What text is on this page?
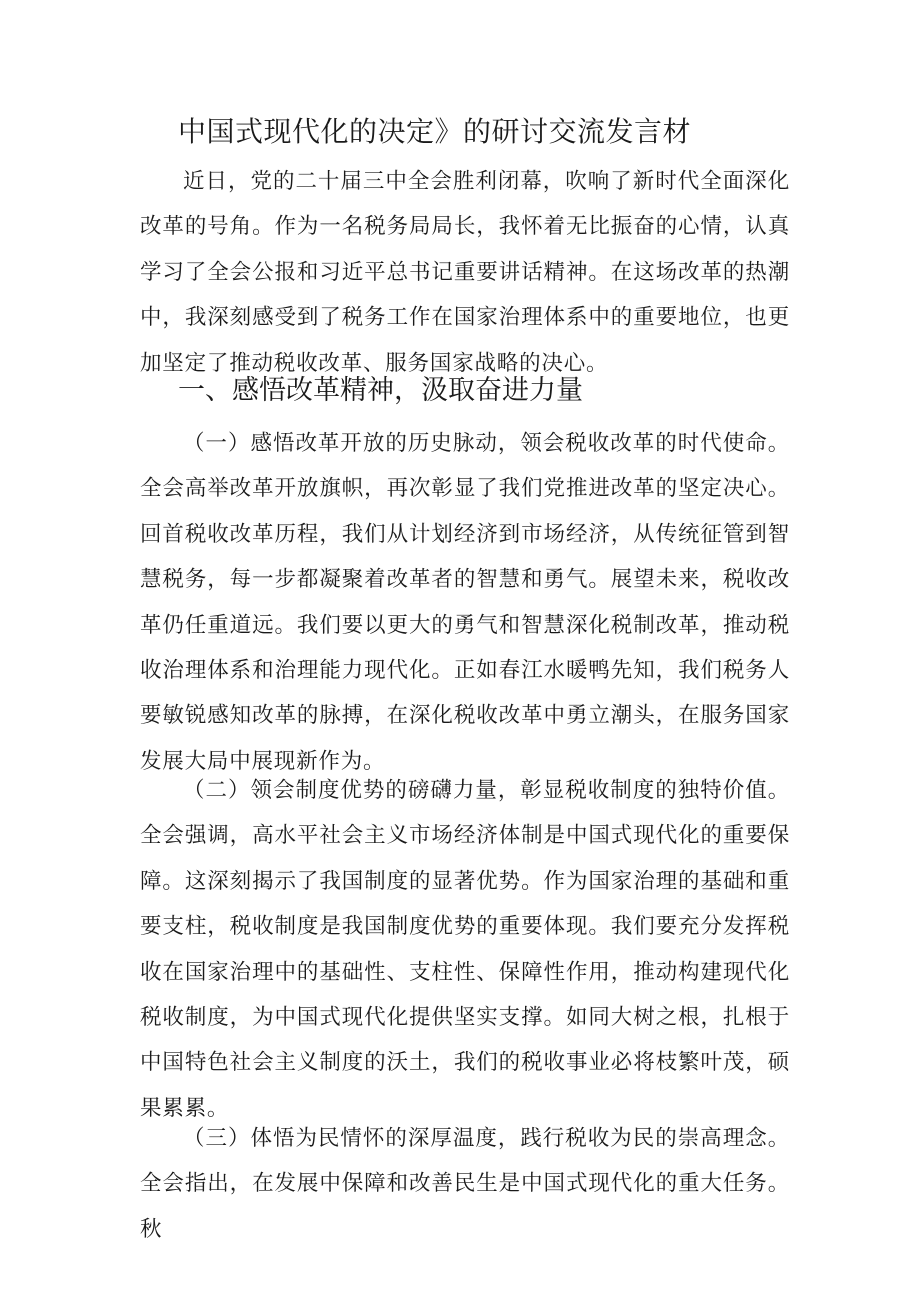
中国式现代化的决定》的研讨交流发言材

近日，党的二十届三中全会胜利闭幕，吹响了新时代全面深化改革的号角。作为一名税务局局长，我怀着无比振奋的心情，认真学习了全会公报和习近平总书记重要讲话精神。在这场改革的热潮中，我深刻感受到了税务工作在国家治理体系中的重要地位，也更加坚定了推动税收改革、服务国家战略的决心。

一、感悟改革精神，汲取奋进力量

（一）感悟改革开放的历史脉动，领会税收改革的时代使命。全会高举改革开放旗帜，再次彰显了我们党推进改革的坚定决心。回首税收改革历程，我们从计划经济到市场经济，从传统征管到智慧税务，每一步都凝聚着改革者的智慧和勇气。展望未来，税收改革仍任重道远。我们要以更大的勇气和智慧深化税制改革，推动税收治理体系和治理能力现代化。正如春江水暖鸭先知，我们税务人要敏锐感知改革的脉搏，在深化税收改革中勇立潮头，在服务国家发展大局中展现新作为。

（二）领会制度优势的磅礴力量，彰显税收制度的独特价值。全会强调，高水平社会主义市场经济体制是中国式现代化的重要保障。这深刻揭示了我国制度的显著优势。作为国家治理的基础和重要支柱，税收制度是我国制度优势的重要体现。我们要充分发挥税收在国家治理中的基础性、支柱性、保障性作用，推动构建现代化税收制度，为中国式现代化提供坚实支撑。如同大树之根，扎根于中国特色社会主义制度的沃土，我们的税收事业必将枝繁叶茂，硕果累累。

（三）体悟为民情怀的深厚温度，践行税收为民的崇高理念。全会指出，在发展中保障和改善民生是中国式现代化的重大任务。秋
